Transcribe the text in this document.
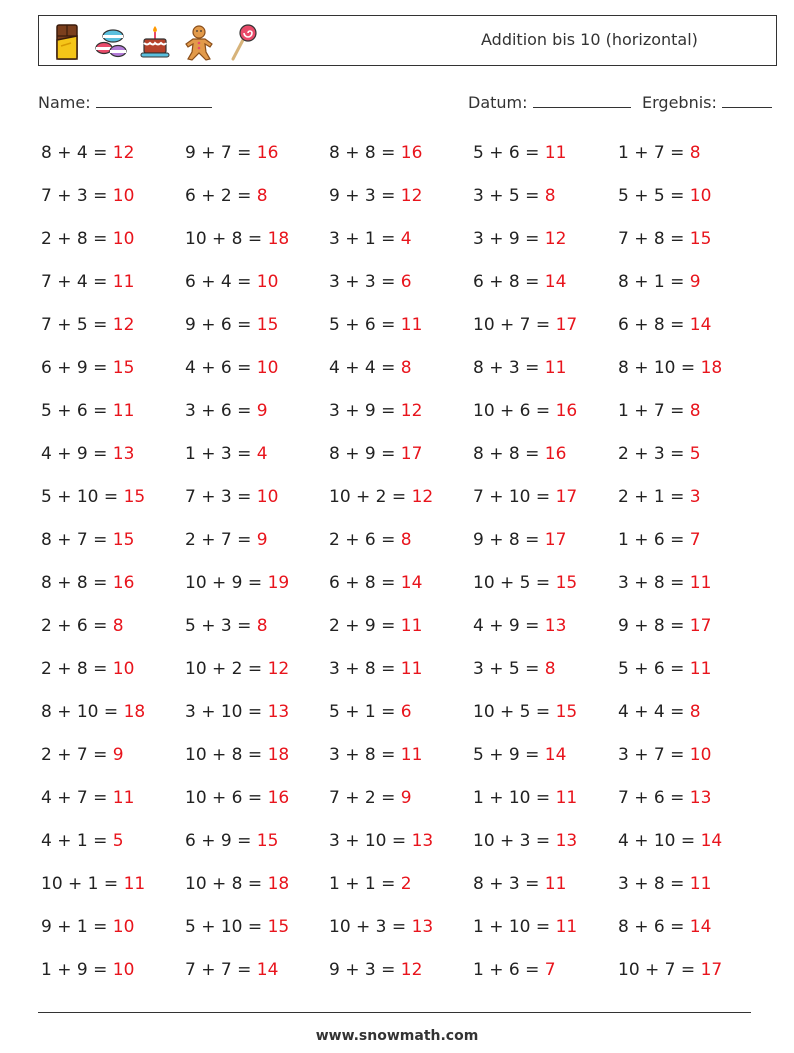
Addition bis 10 (horizontal)
Name:	Datum:	Ergebnis:
8 + 4 = 12	9 + 7 = 16	8 + 8 = 16	5 + 6 = 11	1 + 7 = 8
7 + 3 = 10	6 + 2 = 8	9 + 3 = 12	3 + 5 = 8	5 + 5 = 10
2 + 8 = 10	10 + 8 = 18 3 + 1 = 4	3 + 9 = 12	7 + 8 = 15
7 + 4 = 11	6 + 4 = 10	3 + 3 = 6	6 + 8 = 14	8 + 1 = 9
7 + 5 = 12	9 + 6 = 15	5 + 6 = 11	10 + 7 = 17 6 + 8 = 14
6 + 9 = 15	4 + 6 = 10	4 + 4 = 8	8 + 3 = 11	8 + 10 = 18
5 + 6 = 11	3 + 6 = 9	3 + 9 = 12	10 + 6 = 16 1 + 7 = 8
4 + 9 = 13	1 + 3 = 4	8 + 9 = 17	8 + 8 = 16	2 + 3 = 5
5 + 10 = 15 7 + 3 = 10	10 + 2 = 12 7 + 10 = 17 2 + 1 = 3
8 + 7 = 15	2 + 7 = 9	2 + 6 = 8	9 + 8 = 17	1 + 6 = 7
8 + 8 = 16	10 + 9 = 19 6 + 8 = 14	10 + 5 = 15 3 + 8 = 11
2 + 6 = 8	5 + 3 = 8	2 + 9 = 11	4 + 9 = 13	9 + 8 = 17
2 + 8 = 10	10 + 2 = 12 3 + 8 = 11	3 + 5 = 8	5 + 6 = 11
8 + 10 = 18 3 + 10 = 13 5 + 1 = 6	10 + 5 = 15 4 + 4 = 8
2 + 7 = 9	10 + 8 = 18 3 + 8 = 11	5 + 9 = 14	3 + 7 = 10
4 + 7 = 11	10 + 6 = 16 7 + 2 = 9	1 + 10 = 11 7 + 6 = 13
4 + 1 = 5	6 + 9 = 15	3 + 10 = 13 10 + 3 = 13 4 + 10 = 14
10 + 1 = 11 10 + 8 = 18 1 + 1 = 2	8 + 3 = 11	3 + 8 = 11
9 + 1 = 10	5 + 10 = 15 10 + 3 = 13 1 + 10 = 11 8 + 6 = 14
1 + 9 = 10	7 + 7 = 14	9 + 3 = 12	1 + 6 = 7	10 + 7 = 17
www.snowmath.com
